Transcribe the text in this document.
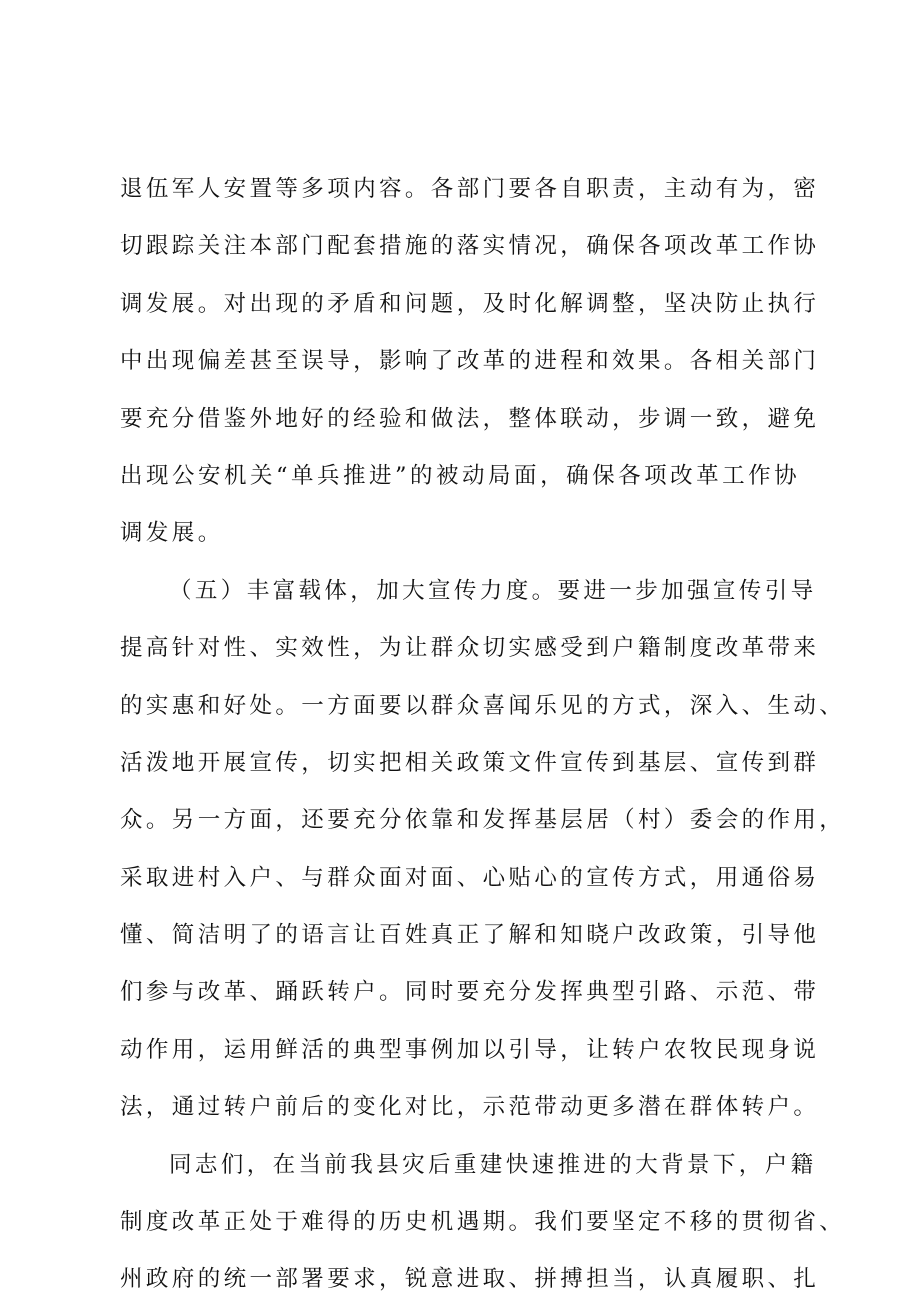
退伍军人安置等多项内容。各部门要各自职责，主动有为，密
切跟踪关注本部门配套措施的落实情况，确保各项改革工作协
调发展。对出现的矛盾和问题，及时化解调整，坚决防止执行
中出现偏差甚至误导，影响了改革的进程和效果。各相关部门
要充分借鉴外地好的经验和做法，整体联动，步调一致，避免
出现公安机关“单兵推进”的被动局面，确保各项改革工作协
调发展。
（五）丰富载体，加大宣传力度。要进一步加强宣传引导
提高针对性、实效性，为让群众切实感受到户籍制度改革带来
的实惠和好处。一方面要以群众喜闻乐见的方式，深入、生动、
活泼地开展宣传，切实把相关政策文件宣传到基层、宣传到群
众。另一方面，还要充分依靠和发挥基层居（村）委会的作用，
采取进村入户、与群众面对面、心贴心的宣传方式，用通俗易
懂、简洁明了的语言让百姓真正了解和知晓户改政策，引导他
们参与改革、踊跃转户。同时要充分发挥典型引路、示范、带
动作用，运用鲜活的典型事例加以引导，让转户农牧民现身说
法，通过转户前后的变化对比，示范带动更多潜在群体转户。
同志们，在当前我县灾后重建快速推进的大背景下，户籍
制度改革正处于难得的历史机遇期。我们要坚定不移的贯彻省、
州政府的统一部署要求，锐意进取、拼搏担当，认真履职、扎
